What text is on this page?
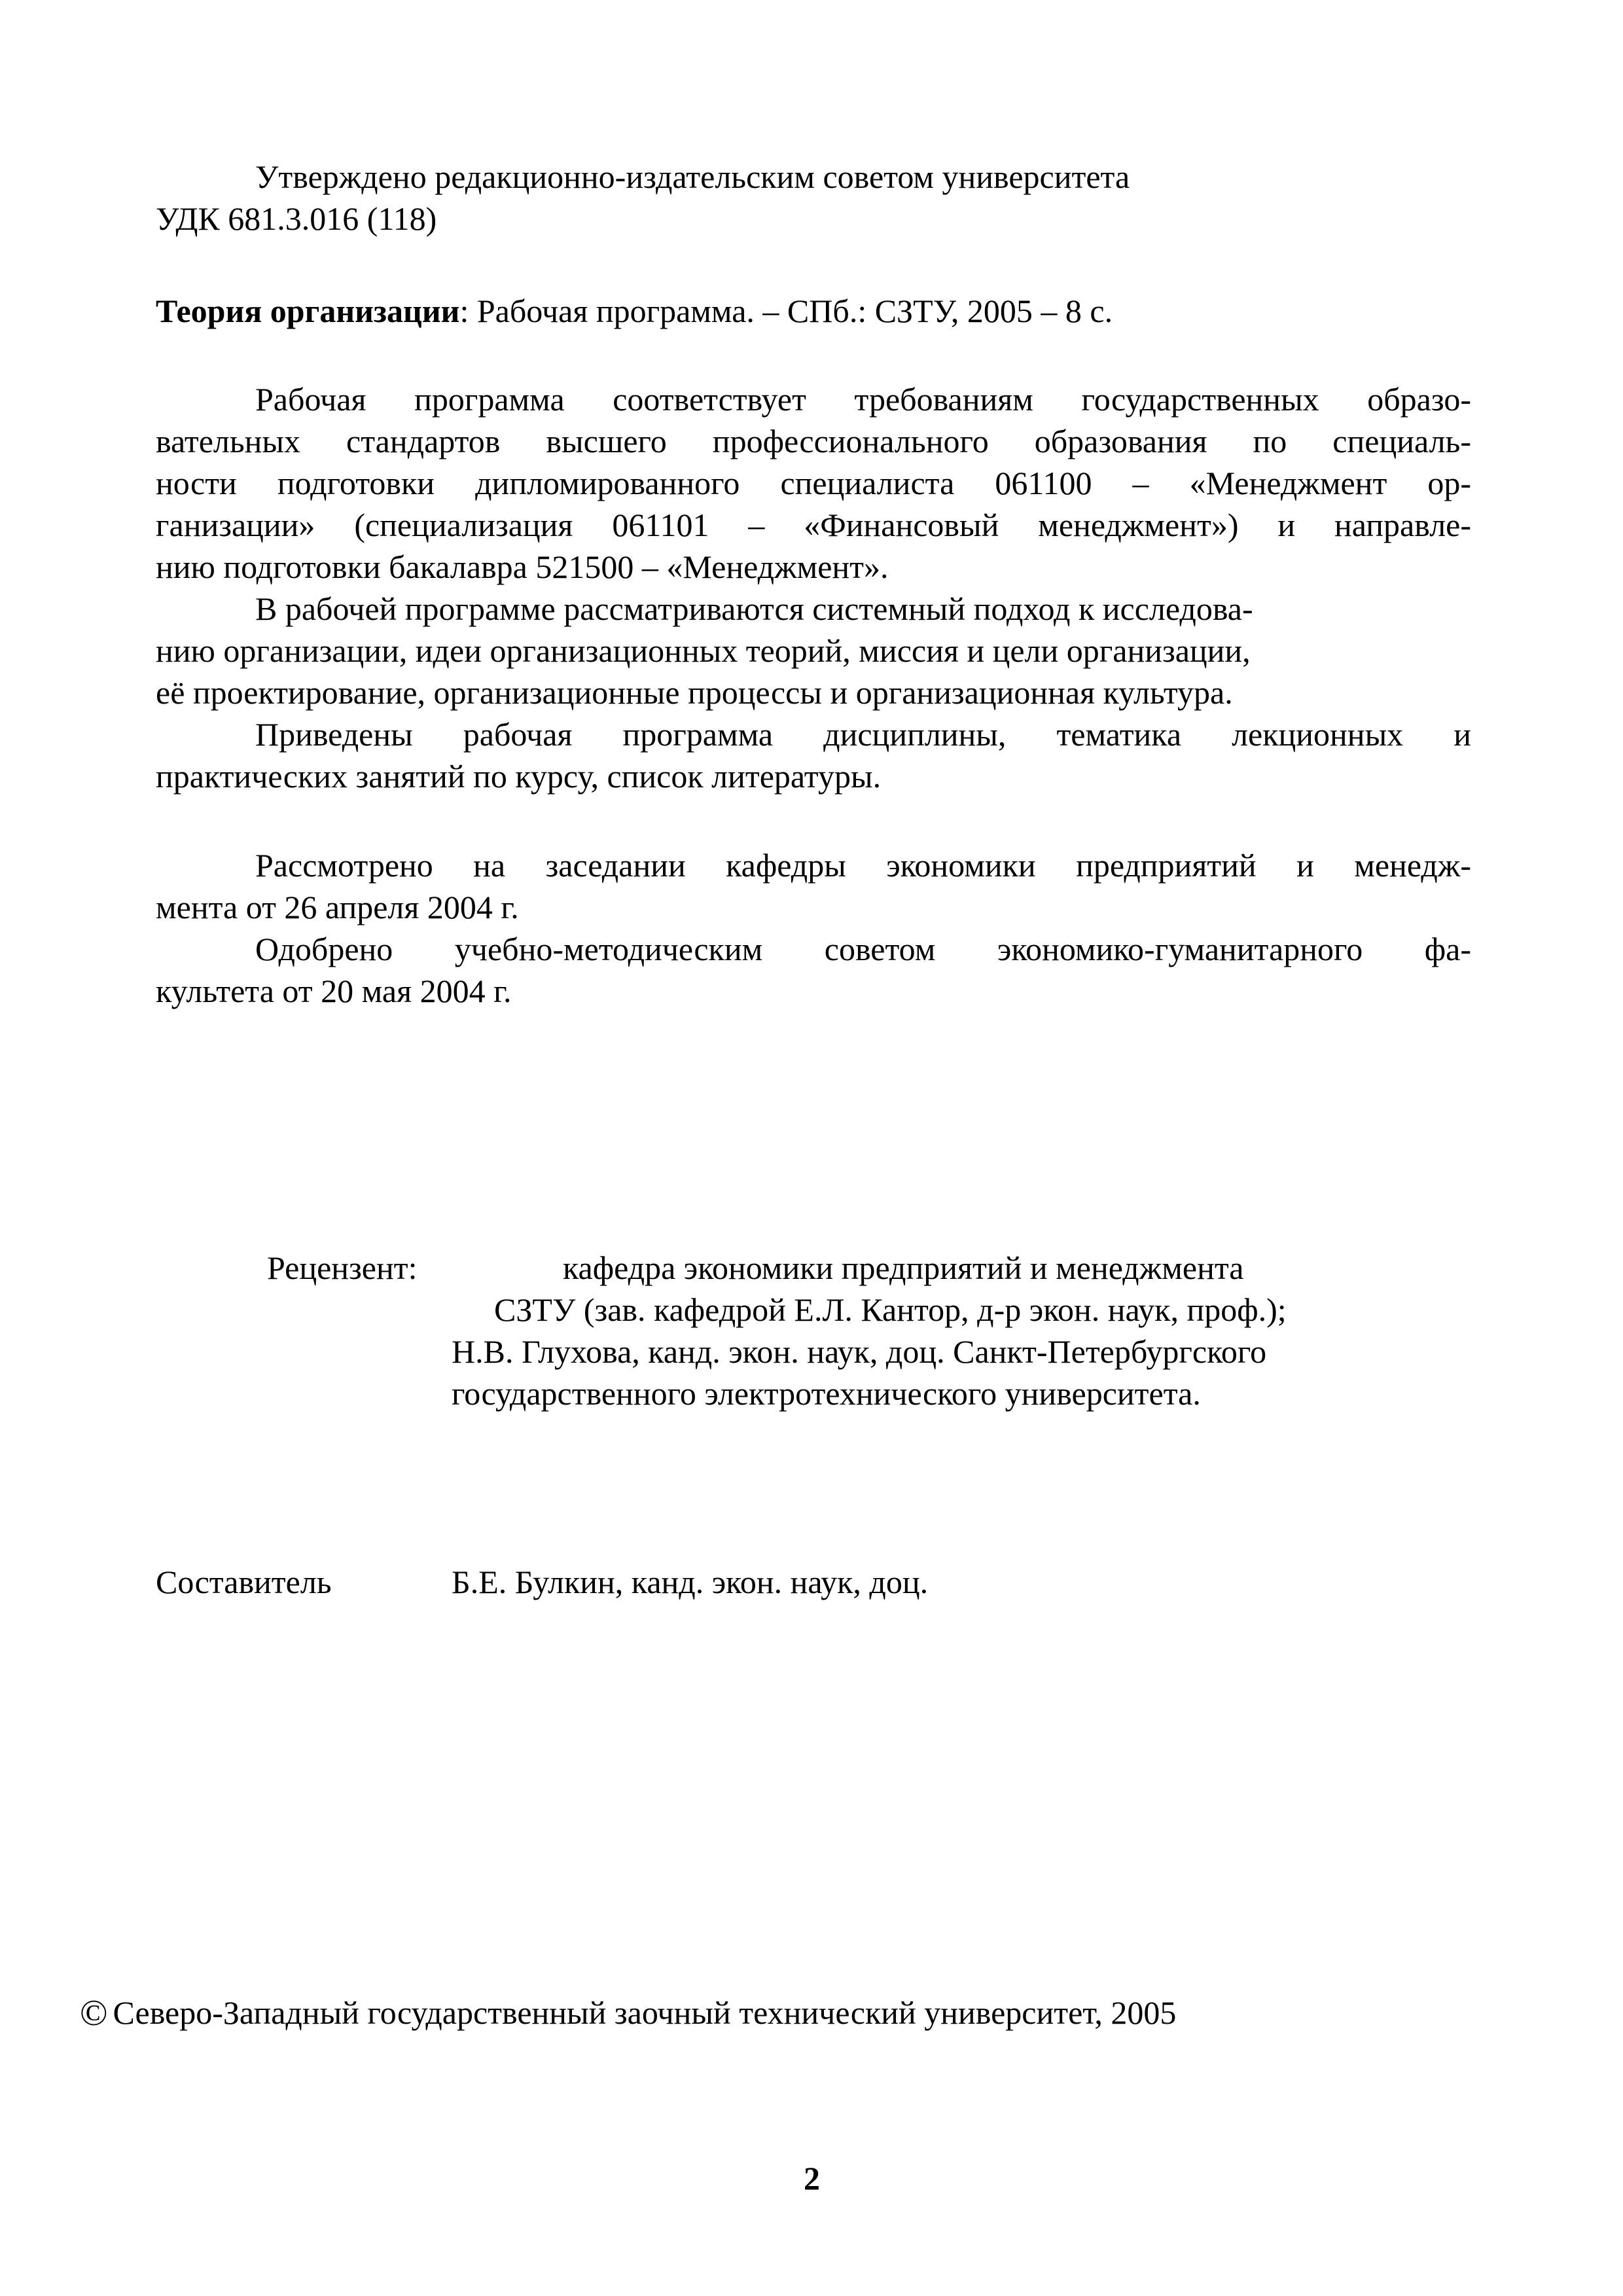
Утверждено редакционно-издательским советом университета
УДК 681.3.016 (118)
Теория организации: Рабочая программа. – СПб.: СЗТУ, 2005 – 8 с.
Рабочая программа соответствует требованиям государственных образо-
вательных стандартов высшего профессионального образования по специаль-
ности подготовки дипломированного специалиста 061100 – «Менеджмент ор-
ганизации» (специализация 061101 – «Финансовый менеджмент») и направле-
нию подготовки бакалавра 521500 – «Менеджмент».
В рабочей программе рассматриваются системный подход к исследова-
нию организации, идеи организационных теорий, миссия и цели организации,
её проектирование, организационные процессы и организационная культура.
Приведены рабочая программа дисциплины, тематика лекционных и
практических занятий по курсу, список литературы.
Рассмотрено на заседании кафедры экономики предприятий и менедж-
мента от 26 апреля 2004 г.
Одобрено учебно-методическим советом экономико-гуманитарного фа-
культета от 20 мая 2004 г.
Рецензент:	кафедра экономики предприятий и менеджмента
СЗТУ (зав. кафедрой Е.Л. Кантор, д-р экон. наук, проф.);
Н.В. Глухова, канд. экон. наук, доц. Санкт-Петербургского
государственного электротехнического университета.
Составитель	Б.Е. Булкин, канд. экон. наук, доц.
© Северо-Западный государственный заочный технический университет, 2005
2
